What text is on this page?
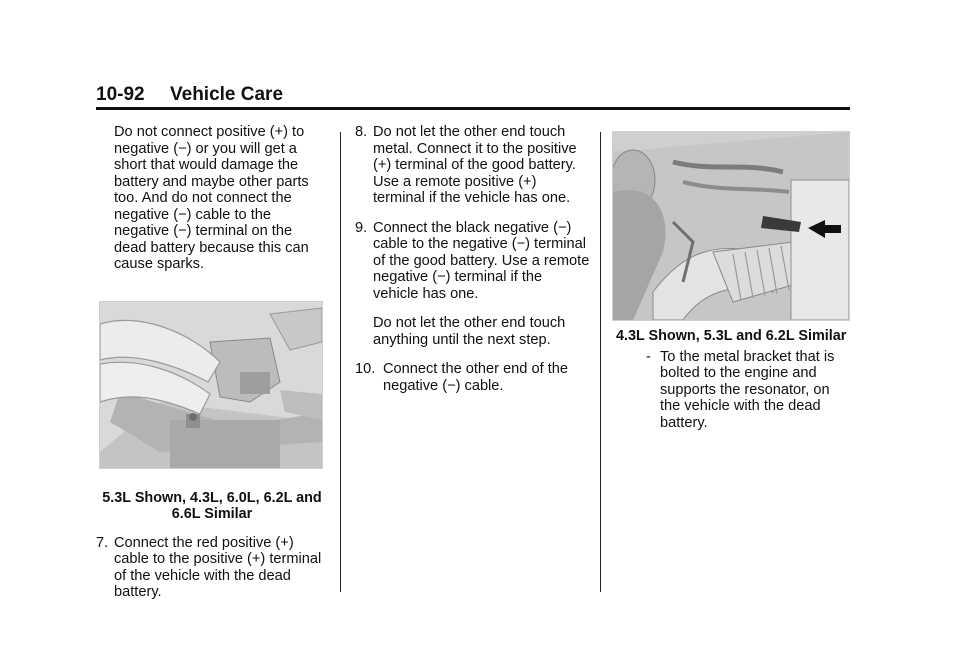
10-92 Vehicle Care

Do not connect positive (+) to negative (−) or you will get a short that would damage the battery and maybe other parts too. And do not connect the negative (−) cable to the negative (−) terminal on the dead battery because this can cause sparks.

5.3L Shown, 4.3L, 6.0L, 6.2L and
6.6L Similar
7. Connect the red positive (+) cable to the positive (+) terminal of the vehicle with the dead battery.
8. Do not let the other end touch metal. Connect it to the positive (+) terminal of the good battery. Use a remote positive (+) terminal if the vehicle has one.
9. Connect the black negative (−) cable to the negative (−) terminal of the good battery. Use a remote negative (−) terminal if the vehicle has one.

Do not let the other end touch anything until the next step.

10. Connect the other end of the negative (−) cable.
4.3L Shown, 5.3L and 6.2L Similar
- To the metal bracket that is bolted to the engine and supports the resonator, on the vehicle with the dead battery.
